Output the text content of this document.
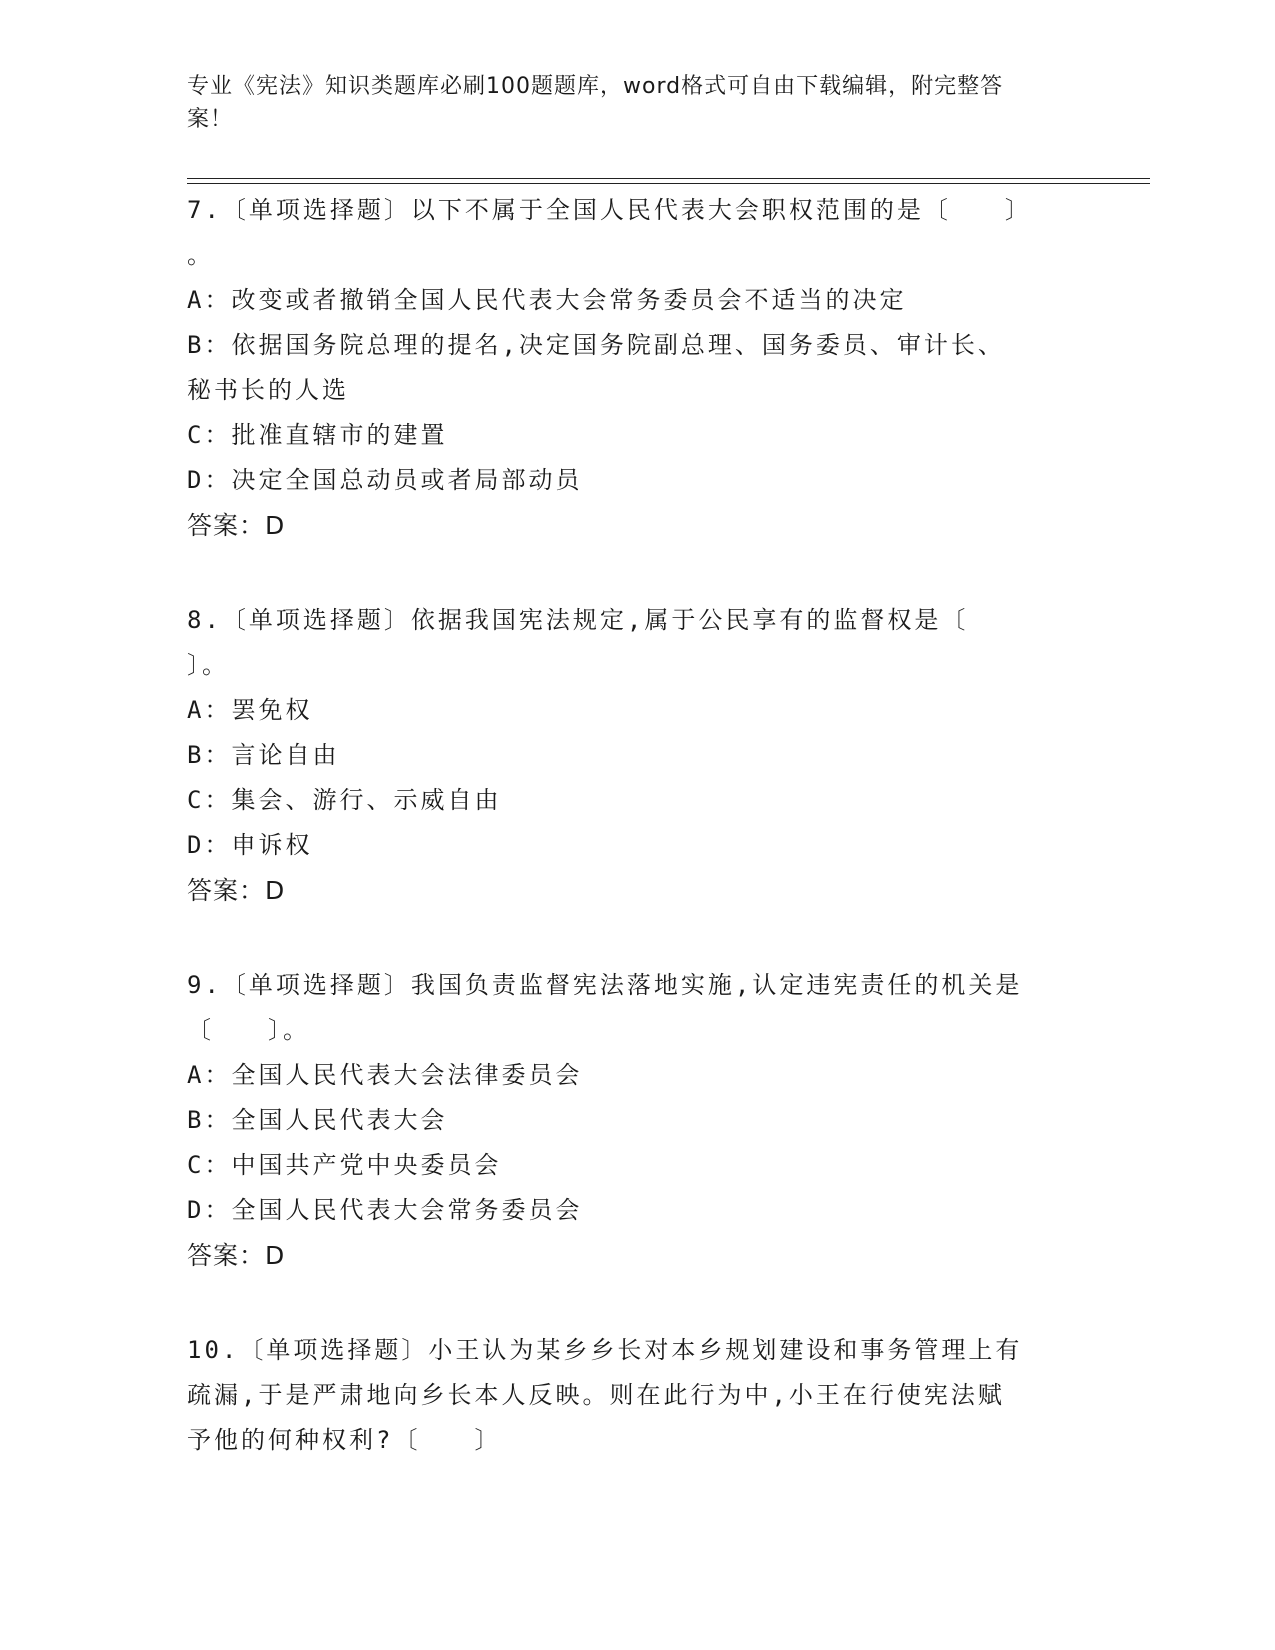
专业《宪法》知识类题库必刷100题题库，word格式可自由下载编辑，附完整答
案！
7.〔单项选择题〕以下不属于全国人民代表大会职权范围的是〔　　〕
。
A：改变或者撤销全国人民代表大会常务委员会不适当的决定
B：依据国务院总理的提名,决定国务院副总理、国务委员、审计长、
秘书长的人选
C：批准直辖市的建置
D：决定全国总动员或者局部动员
答案：D
8.〔单项选择题〕依据我国宪法规定,属于公民享有的监督权是〔
〕。
A：罢免权
B：言论自由
C：集会、游行、示威自由
D：申诉权
答案：D
9.〔单项选择题〕我国负责监督宪法落地实施,认定违宪责任的机关是
〔　　〕。
A：全国人民代表大会法律委员会
B：全国人民代表大会
C：中国共产党中央委员会
D：全国人民代表大会常务委员会
答案：D
10.〔单项选择题〕小王认为某乡乡长对本乡规划建设和事务管理上有
疏漏,于是严肃地向乡长本人反映。则在此行为中,小王在行使宪法赋
予他的何种权利?〔　　〕
